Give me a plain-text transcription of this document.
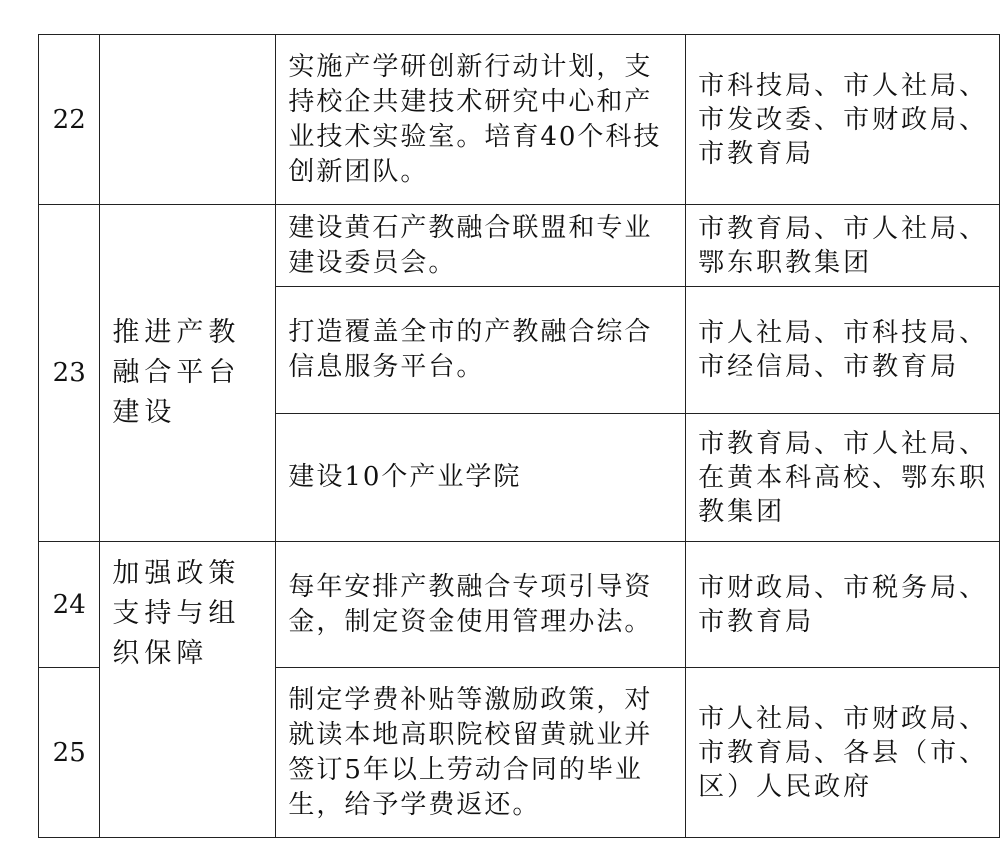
22		实施产学研创新行动计划，支持校企共建技术研究中心和产业技术实验室。培育40个科技创新团队。	市科技局、市人社局、市发改委、市财政局、市教育局
23	推进产教融合平台建设	建设黄石产教融合联盟和专业建设委员会。	市教育局、市人社局、鄂东职教集团
		打造覆盖全市的产教融合综合信息服务平台。	市人社局、市科技局、市经信局、市教育局
		建设10个产业学院	市教育局、市人社局、在黄本科高校、鄂东职教集团
24	加强政策支持与组织保障	每年安排产教融合专项引导资金，制定资金使用管理办法。	市财政局、市税务局、市教育局
25		制定学费补贴等激励政策，对就读本地高职院校留黄就业并签订5年以上劳动合同的毕业生，给予学费返还。	市人社局、市财政局、市教育局、各县（市、区）人民政府
